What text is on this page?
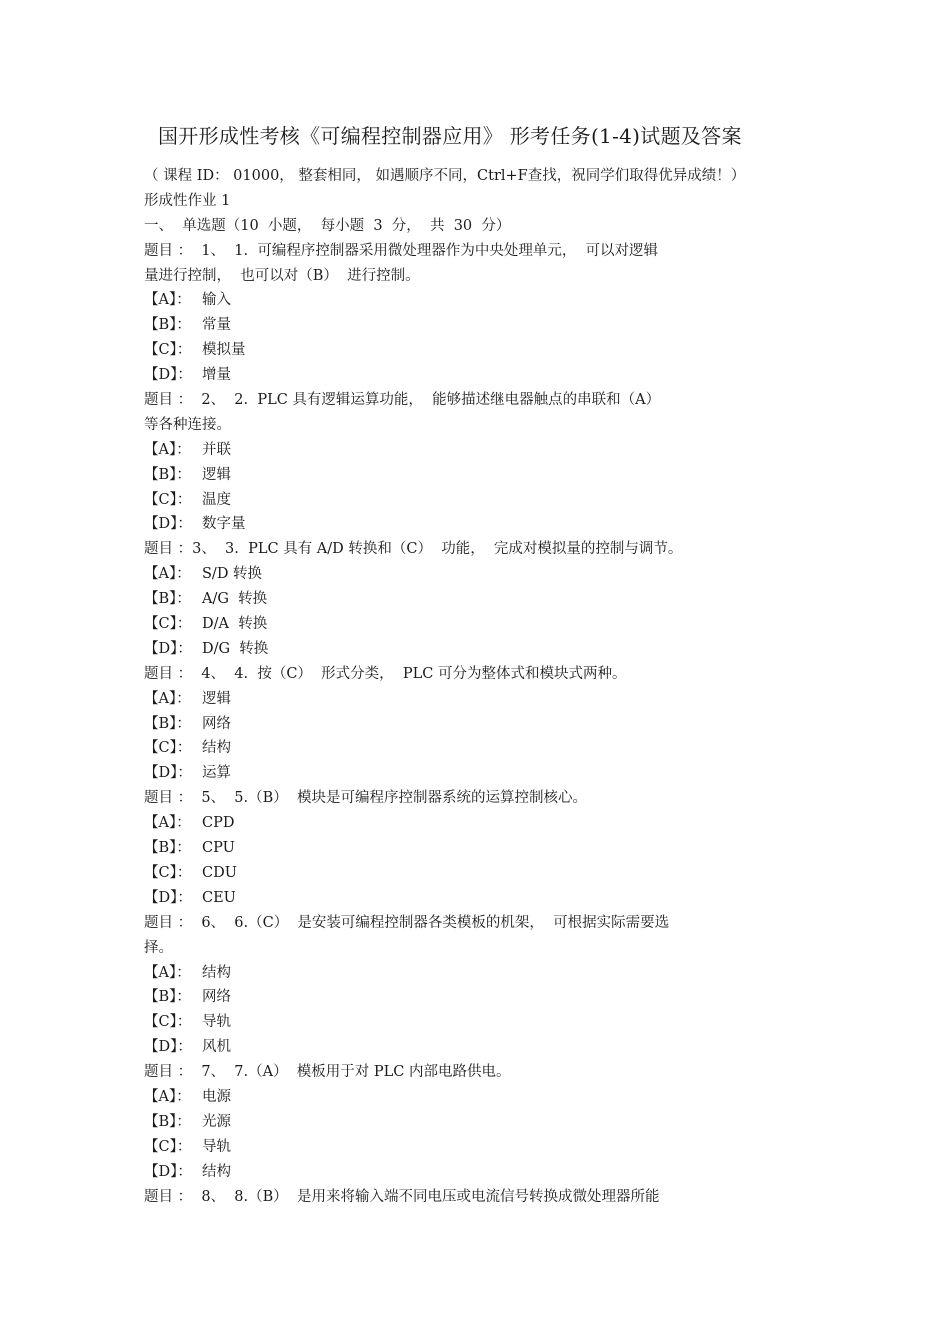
国开形成性考核《可编程控制器应用》 形考任务(1-4)试题及答案
（ 课程 ID： 01000， 整套相同， 如遇顺序不同，Ctrl+F查找，祝同学们取得优异成绩！）
形成性作业 1
一、  单选题（10  小题，  每小题  3  分，  共  30  分）
题目 ：  1、  1.  可编程序控制器采用微处理器作为中央处理单元，  可以对逻辑
量进行控制，  也可以对（B）  进行控制。
【A】： 输入
【B】： 常量
【C】： 模拟量
【D】： 增量
题目 ：  2、  2.  PLC 具有逻辑运算功能，  能够描述继电器触点的串联和（A）
等各种连接。
【A】： 并联
【B】： 逻辑
【C】： 温度
【D】： 数字量
题目 ：3、  3.  PLC 具有 A/D 转换和（C）  功能，  完成对模拟量的控制与调节。
【A】： S/D 转换
【B】： A/G  转换
【C】： D/A  转换
【D】： D/G  转换
题目 ：  4、  4.  按（C）  形式分类，  PLC 可分为整体式和模块式两种。
【A】： 逻辑
【B】： 网络
【C】： 结构
【D】： 运算
题目 ：  5、  5.（B）  模块是可编程序控制器系统的运算控制核心。
【A】： CPD
【B】： CPU
【C】： CDU
【D】： CEU
题目 ：  6、  6.（C）  是安装可编程控制器各类模板的机架，  可根据实际需要选
择。
【A】： 结构
【B】： 网络
【C】： 导轨
【D】： 风机
题目 ：  7、  7.（A）  模板用于对 PLC 内部电路供电。
【A】： 电源
【B】： 光源
【C】： 导轨
【D】： 结构
题目 ：  8、  8.（B）  是用来将输入端不同电压或电流信号转换成微处理器所能
